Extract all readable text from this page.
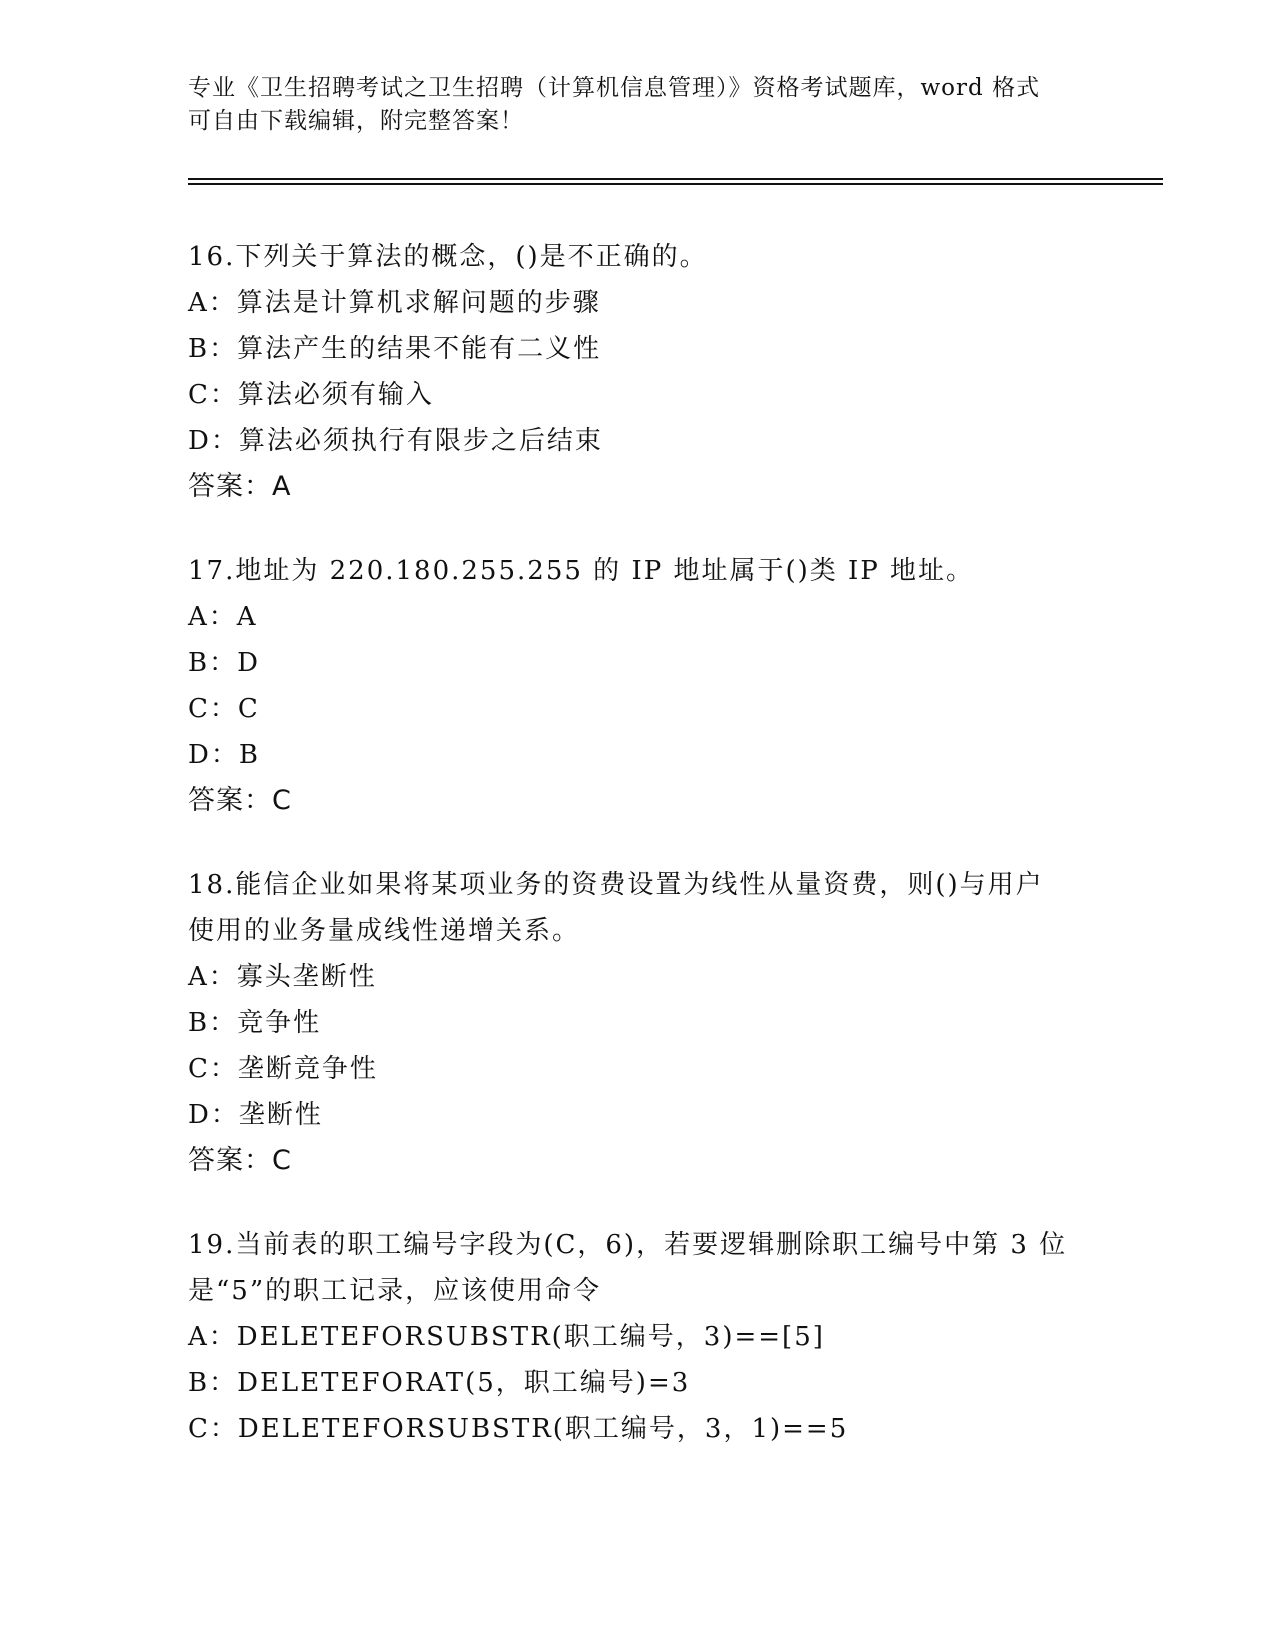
专业《卫生招聘考试之卫生招聘（计算机信息管理）》资格考试题库，word 格式
可自由下载编辑，附完整答案！
16.下列关于算法的概念，()是不正确的。
A：算法是计算机求解问题的步骤
B：算法产生的结果不能有二义性
C：算法必须有输入
D：算法必须执行有限步之后结束
答案：A
17.地址为 220.180.255.255 的 IP 地址属于()类 IP 地址。
A：A
B：D
C：C
D：B
答案：C
18.能信企业如果将某项业务的资费设置为线性从量资费，则()与用户
使用的业务量成线性递增关系。
A：寡头垄断性
B：竞争性
C：垄断竞争性
D：垄断性
答案：C
19.当前表的职工编号字段为(C，6)，若要逻辑删除职工编号中第 3 位
是“5”的职工记录，应该使用命令
A：DELETEFORSUBSTR(职工编号，3)==[5]
B：DELETEFORAT(5，职工编号)=3
C：DELETEFORSUBSTR(职工编号，3，1)==5
